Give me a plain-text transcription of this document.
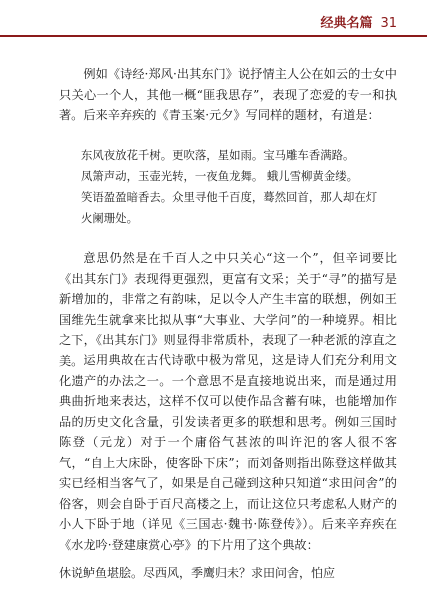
经典名篇 31

例如《诗经·郑风·出其东门》说抒情主人公在如云的士女中只关心一个人，其他一概“匪我思存”，表现了恋爱的专一和执著。后来辛弃疾的《青玉案·元夕》写同样的题材，有道是：

东风夜放花千树。更吹落，星如雨。宝马雕车香满路。
凤箫声动，玉壶光转，一夜鱼龙舞。 蛾儿雪柳黄金缕。
笑语盈盈暗香去。众里寻他千百度，蓦然回首，那人却在灯
火阑珊处。

意思仍然是在千百人之中只关心“这一个”，但辛词要比《出其东门》表现得更强烈，更富有文采；关于“寻”的描写是新增加的，非常之有韵味，足以令人产生丰富的联想，例如王国维先生就拿来比拟从事“大事业、大学问”的一种境界。相比之下，《出其东门》则显得非常质朴，表现了一种老派的淳直之美。 运用典故在古代诗歌中极为常见，这是诗人们充分利用文化遗产的办法之一。一个意思不是直接地说出来，而是通过用典曲折地来表达，这样不仅可以使作品含蓄有味，也能增加作品的历史文化含量，引发读者更多的联想和思考。例如三国时陈登（元龙）对于一个庸俗气甚浓的叫许汜的客人很不客气，“自上大床卧，使客卧下床”；而刘备则指出陈登这样做其实已经相当客气了，如果是自己碰到这种只知道“求田问舍”的俗客，则会自卧于百尺高楼之上，而让这位只考虑私人财产的小人下卧于地（详见《三国志·魏书·陈登传》）。后来辛弃疾在《水龙吟·登建康赏心亭》的下片用了这个典故：

休说鲈鱼堪脍。尽西风，季鹰归未？求田问舍，怕应
